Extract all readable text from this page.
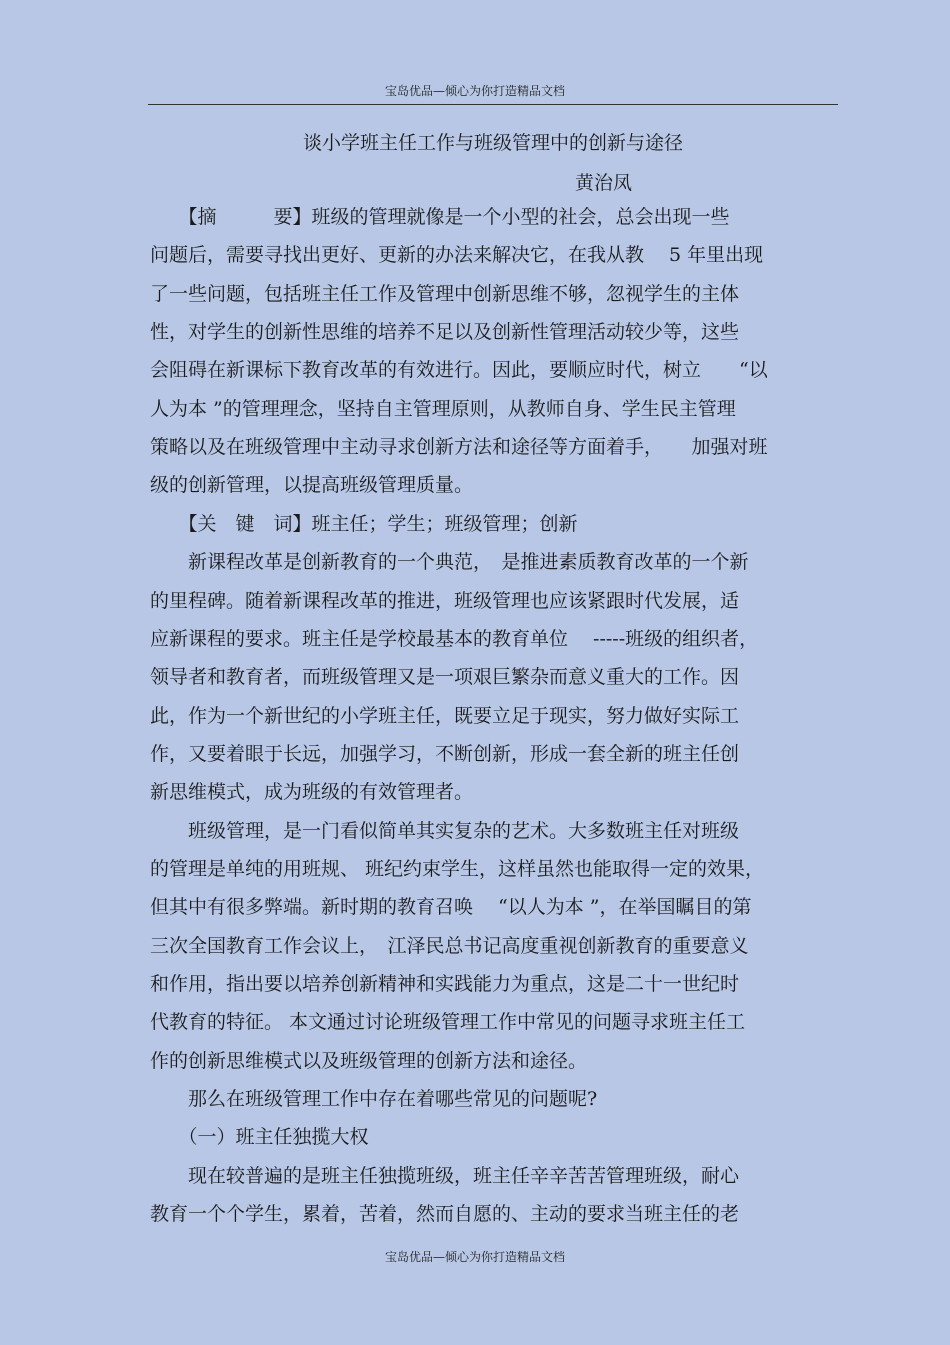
宝岛优品—倾心为你打造精品文档
谈小学班主任工作与班级管理中的创新与途径
黄治凤
　　【摘　　　要】班级的管理就像是一个小型的社会，总会出现一些
问题后，需要寻找出更好、更新的办法来解决它，在我从教　 5 年里出现
了一些问题，包括班主任工作及管理中创新思维不够，忽视学生的主体
性，对学生的创新性思维的培养不足以及创新性管理活动较少等，这些
会阻碍在新课标下教育改革的有效进行。因此，要顺应时代，树立　　“以
人为本 ”的管理理念，坚持自主管理原则，从教师自身、学生民主管理
策略以及在班级管理中主动寻求创新方法和途径等方面着手，　　加强对班
级的创新管理，以提高班级管理质量。
　　【关　键　词】班主任；学生；班级管理；创新
　　新课程改革是创新教育的一个典范，　是推进素质教育改革的一个新
的里程碑。随着新课程改革的推进，班级管理也应该紧跟时代发展，适
应新课程的要求。班主任是学校最基本的教育单位　 -----班级的组织者，
领导者和教育者，而班级管理又是一项艰巨繁杂而意义重大的工作。因
此，作为一个新世纪的小学班主任，既要立足于现实，努力做好实际工
作，又要着眼于长远，加强学习，不断创新，形成一套全新的班主任创
新思维模式，成为班级的有效管理者。
　　班级管理，是一门看似简单其实复杂的艺术。大多数班主任对班级
的管理是单纯的用班规、 班纪约束学生，这样虽然也能取得一定的效果，
但其中有很多弊端。新时期的教育召唤　 “以人为本 ”，在举国瞩目的第
三次全国教育工作会议上，　江泽民总书记高度重视创新教育的重要意义
和作用，指出要以培养创新精神和实践能力为重点，这是二十一世纪时
代教育的特征。 本文通过讨论班级管理工作中常见的问题寻求班主任工
作的创新思维模式以及班级管理的创新方法和途径。
　　那么在班级管理工作中存在着哪些常见的问题呢?
　　（一）班主任独揽大权
　　现在较普遍的是班主任独揽班级，班主任辛辛苦苦管理班级，耐心
教育一个个学生，累着，苦着，然而自愿的、主动的要求当班主任的老
宝岛优品—倾心为你打造精品文档
